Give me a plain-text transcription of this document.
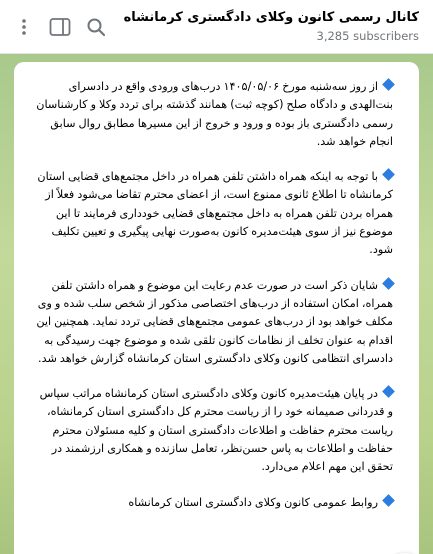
کانال رسمی کانون وکلای دادگستری کرمانشاه
3,285 subscribers

از روز سه‌شنبه مورخ ۱۴۰۵/۰۵/۰۶ درب‌های ورودی واقع در دادسرای بنت‌الهدی و دادگاه صلح (کوچه ثبت) همانند گذشته برای تردد وکلا و کارشناسان رسمی دادگستری باز بوده و ورود و خروج از این مسیرها مطابق روال سابق انجام خواهد شد.

با توجه به اینکه همراه داشتن تلفن همراه در داخل مجتمع‌های قضایی استان کرمانشاه تا اطلاع ثانوی ممنوع است، از اعضای محترم تقاضا می‌شود فعلاً از همراه بردن تلفن همراه به داخل مجتمع‌های قضایی خودداری فرمایند تا این موضوع نیز از سوی هیئت‌مدیره کانون به‌صورت نهایی پیگیری و تعیین تکلیف شود.

شایان ذکر است در صورت عدم رعایت این موضوع و همراه داشتن تلفن همراه، امکان استفاده از درب‌های اختصاصی مذکور از شخص سلب شده و وی مکلف خواهد بود از درب‌های عمومی مجتمع‌های قضایی تردد نماید. همچنین این اقدام به عنوان تخلف از نظامات کانون تلقی شده و موضوع جهت رسیدگی به دادسرای انتظامی کانون وکلای دادگستری استان کرمانشاه گزارش خواهد شد.

در پایان هیئت‌مدیره کانون وکلای دادگستری استان کرمانشاه مراتب سپاس و قدردانی صمیمانه خود را از ریاست محترم کل دادگستری استان کرمانشاه، ریاست محترم حفاظت و اطلاعات دادگستری استان و کلیه مسئولان محترم حفاظت و اطلاعات به پاس حسن‌نظر، تعامل سازنده و همکاری ارزشمند در تحقق این مهم اعلام می‌دارد.

روابط عمومی کانون وکلای دادگستری استان کرمانشاه
